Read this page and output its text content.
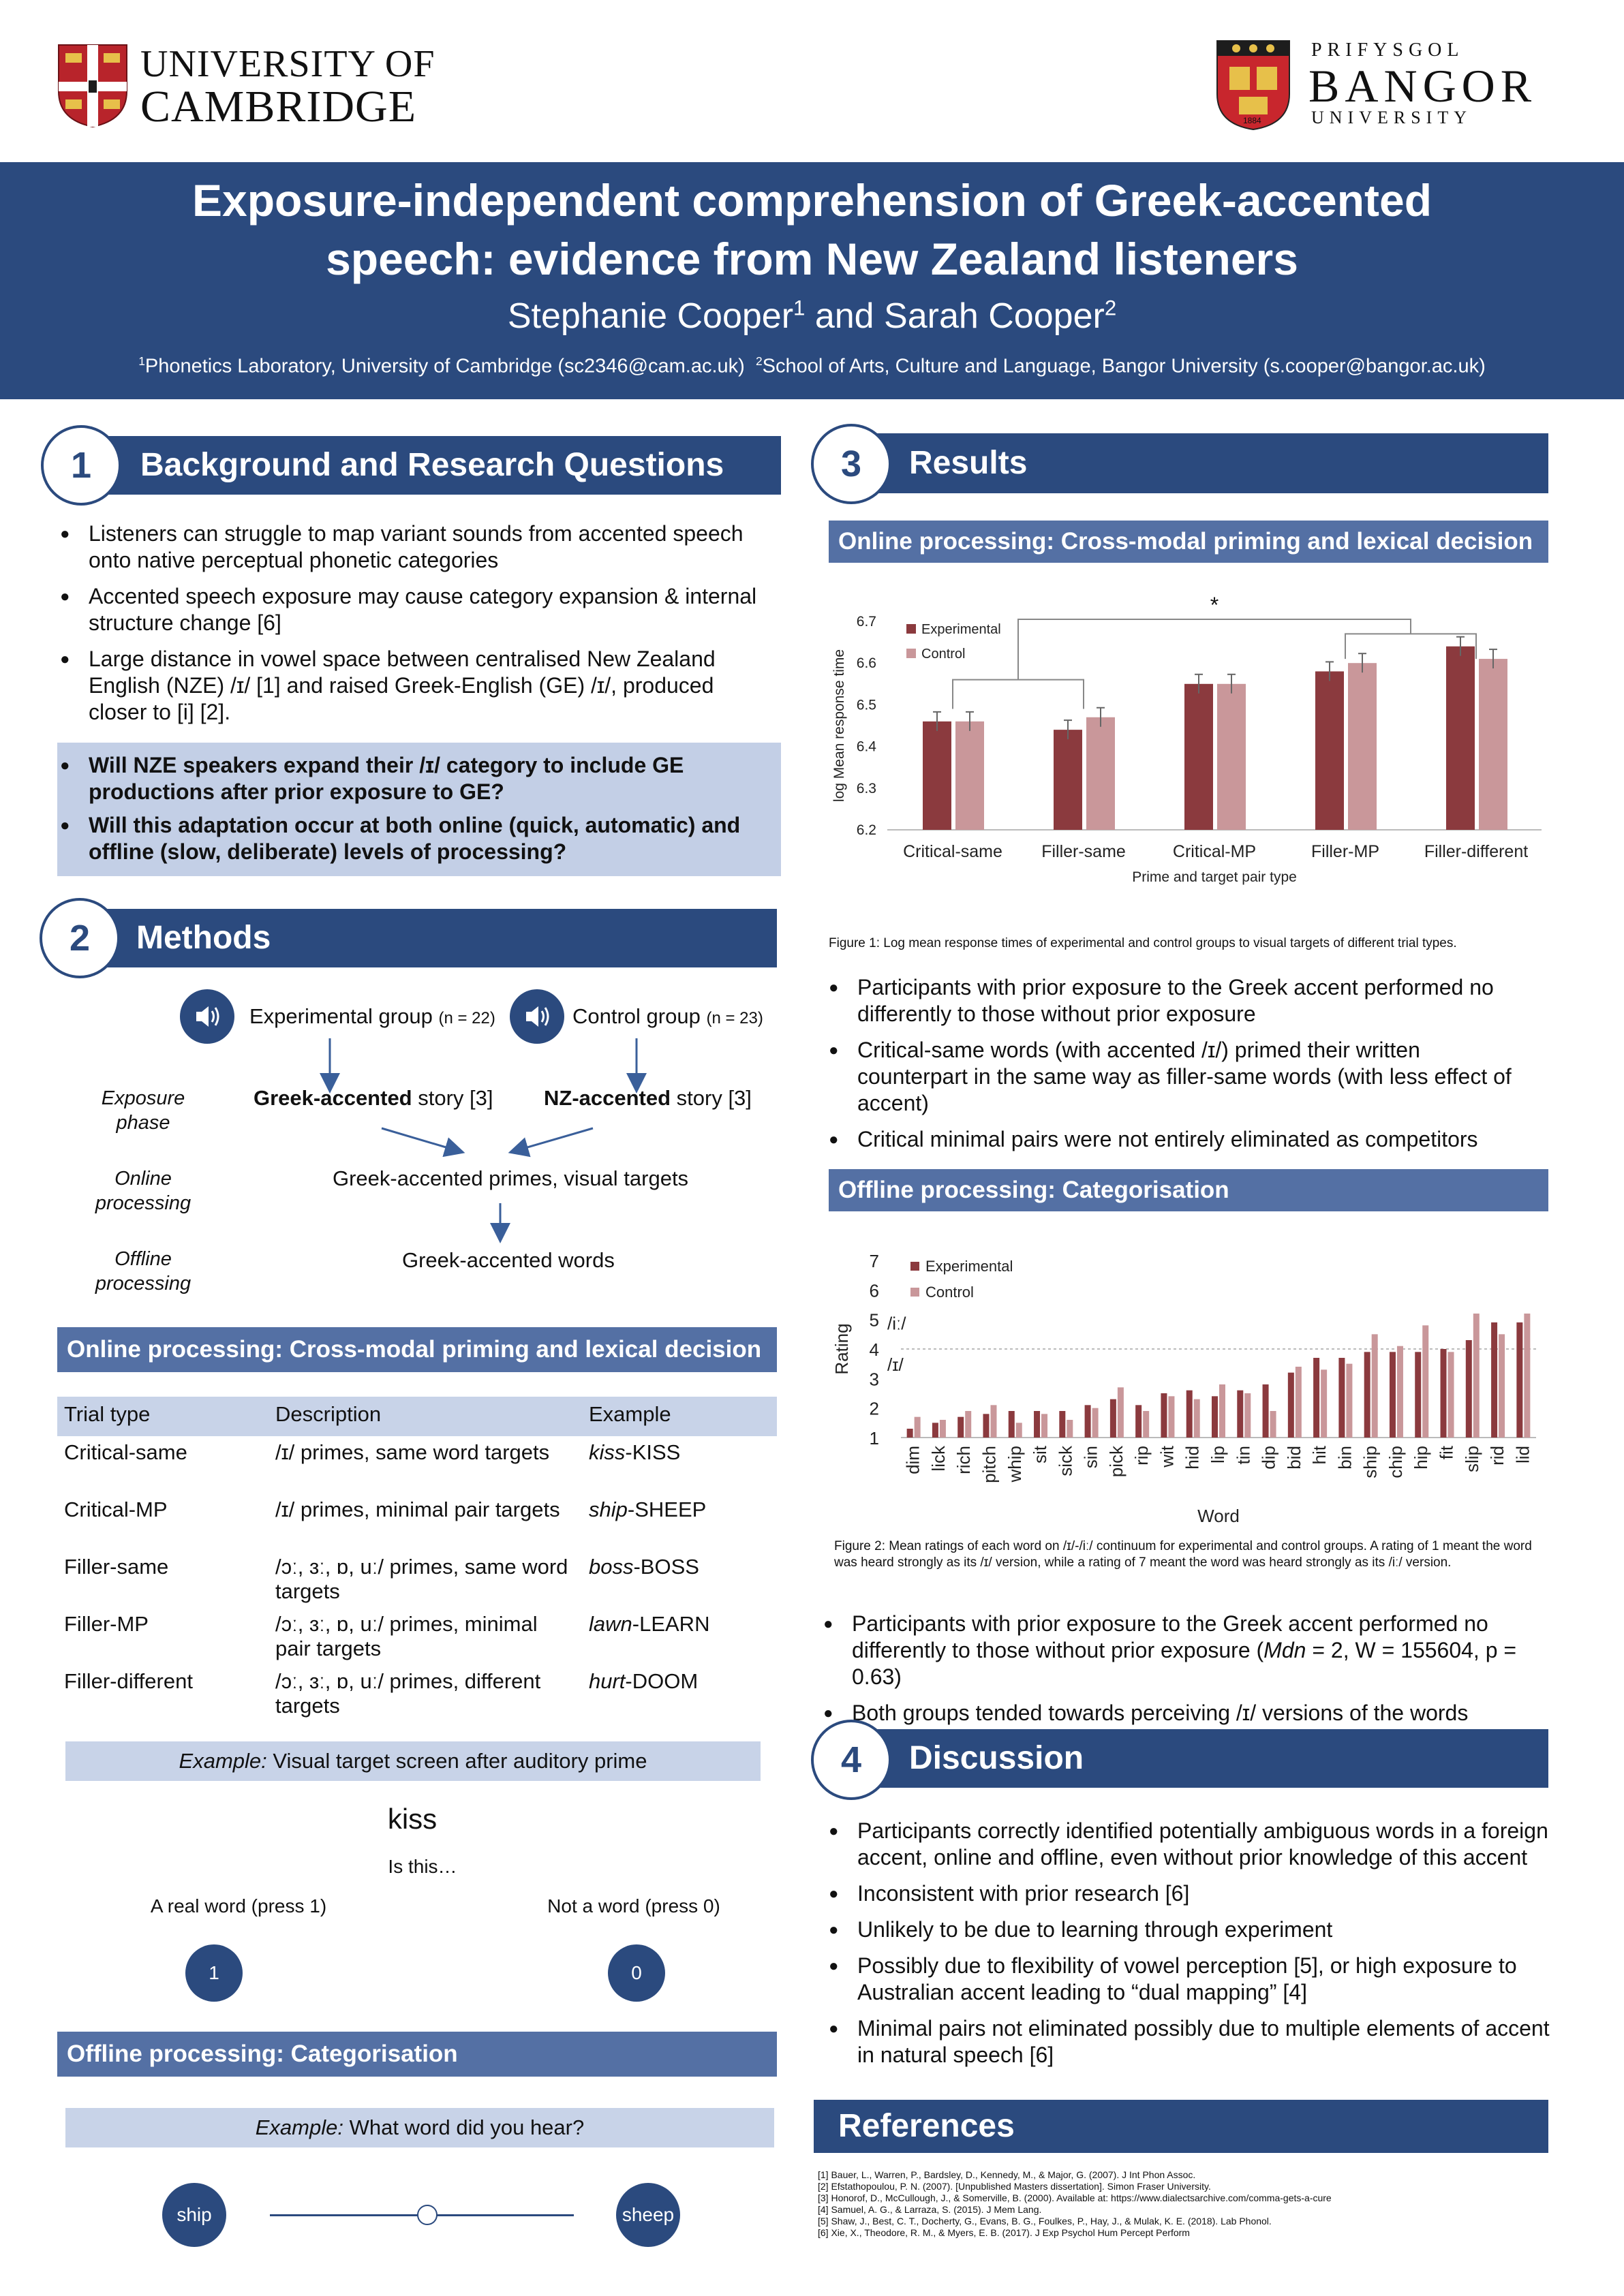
UNIVERSITY OF
CAMBRIDGE	1884
PRIFYSGOL
BANGOR
UNIVERSITY
Exposure-independent comprehension of Greek-accented
speech: evidence from New Zealand listeners
Stephanie Cooper$^1$ and Sarah Cooper$^2$
$^1$Phonetics Laboratory, University of Cambridge (sc2346@cam.ac.uk) $^2$School of Arts, Culture and Language, Bangor University (s.cooper@bangor.ac.uk)
Background and Research Questions
1
● Listeners can struggle to map variant sounds from accented speech onto native perceptual phonetic categories
● Accented speech exposure may cause category expansion & internal structure change [6]
● Large distance in vowel space between centralised New Zealand English (NZE) /ɪ/ [1] and raised Greek-English (GE) /ɪ/, produced closer to [i] [2].
● Will NZE speakers expand their /ɪ/ category to include GE productions after prior exposure to GE?
● Will this adaptation occur at both online (quick, automatic) and offline (slow, deliberate) levels of processing?
Methods
2
Experimental group (n = 22)	Control group (n = 23)
Exposure
phase
Greek-accented story [3] NZ-accented story [3]
Online
processing
Greek-accented primes, visual targets
Offline
processing
Greek-accented words
Online processing: Cross-modal priming and lexical decision
Trial type	Description	Example
Critical-same	/ɪ/ primes, same word targets	kiss-KISS
Critical-MP	/ɪ/ primes, minimal pair targets	ship-SHEEP
Filler-same	/ɔː, ɜː, ɒ, uː/ primes, same word targets	boss-BOSS
Filler-MP	/ɔː, ɜː, ɒ, uː/ primes, minimal pair targets	lawn-LEARN
Filler-different	/ɔː, ɜː, ɒ, uː/ primes, different targets	hurt-DOOM
Example: Visual target screen after auditory prime
kiss
Is this…
A real word (press 1)	Not a word (press 0)
1	0
Offline processing: Categorisation
Example: What word did you hear?
ship	sheep
Results
3
Online processing: Cross-modal priming and lexical decision
6.2
6.3
6.4
6.5
6.6
6.7
Critical-same Filler-same	Critical-MP	Filler-MP	Filler-different
Prime and target pair type
log Mean response time
*
Experimental
Control
Figure 1: Log mean response times of experimental and control groups to visual targets of different trial types.
● Participants with prior exposure to the Greek accent performed no differently to those without prior exposure
● Critical-same words (with accented /ɪ/) primed their written counterpart in the same way as filler-same words (with less effect of accent)
● Critical minimal pairs were not entirely eliminated as competitors
Offline processing: Categorisation
1
2
3
4
5
6
7
/iː/
/ɪ/
dim lick rich pitch whip sit sick sin pick rip wit hid lip tin dip bid hit bin ship chip hip fit slip rid lid
Word
Rating
Experimental
Control
Figure 2: Mean ratings of each word on /ɪ/-/iː/ continuum for experimental and control groups. A rating of 1 meant the word was heard strongly as its /ɪ/ version, while a rating of 7 meant the word was heard strongly as its /iː/ version.
● Participants with prior exposure to the Greek accent performed no differently to those without prior exposure (Mdn = 2, W = 155604, p = 0.63)
● Both groups tended towards perceiving /ɪ/ versions of the words
Discussion
4
● Participants correctly identified potentially ambiguous words in a foreign accent, online and offline, even without prior knowledge of this accent
● Inconsistent with prior research [6]
● Unlikely to be due to learning through experiment
● Possibly due to flexibility of vowel perception [5], or high exposure to Australian accent leading to “dual mapping” [4]
● Minimal pairs not eliminated possibly due to multiple elements of accent in natural speech [6]
References
[1] Bauer, L., Warren, P., Bardsley, D., Kennedy, M., & Major, G. (2007). J Int Phon Assoc.
[2] Efstathopoulou, P. N. (2007). [Unpublished Masters dissertation]. Simon Fraser University.
[3] Honorof, D., McCullough, J., & Somerville, B. (2000). Available at: https://www.dialectsarchive.com/comma-gets-a-cure
[4] Samuel, A. G., & Larraza, S. (2015). J Mem Lang.
[5] Shaw, J., Best, C. T., Docherty, G., Evans, B. G., Foulkes, P., Hay, J., & Mulak, K. E. (2018). Lab Phonol.
[6] Xie, X., Theodore, R. M., & Myers, E. B. (2017). J Exp Psychol Hum Percept Perform
